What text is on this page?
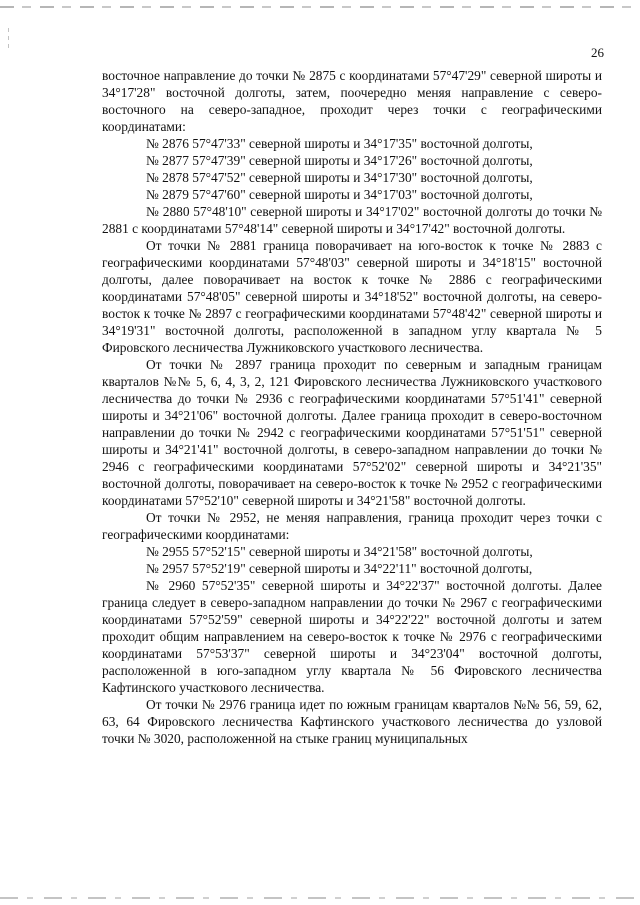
26

восточное направление до точки № 2875 с координатами 57°47'29" северной широты и 34°17'28" восточной долготы, затем, поочередно меняя направление с северо-восточного на северо-западное, проходит через точки с географическими координатами:

№ 2876 57°47'33" северной широты и 34°17'35" восточной долготы,

№ 2877 57°47'39" северной широты и 34°17'26" восточной долготы,

№ 2878 57°47'52" северной широты и 34°17'30" восточной долготы,

№ 2879 57°47'60" северной широты и 34°17'03" восточной долготы,

№ 2880 57°48'10" северной широты и 34°17'02" восточной долготы до точки № 2881 с координатами 57°48'14" северной широты и 34°17'42" восточной долготы.

От точки № 2881 граница поворачивает на юго-восток к точке № 2883 с географическими координатами 57°48'03" северной широты и 34°18'15" восточной долготы, далее поворачивает на восток к точке № 2886 с географическими координатами 57°48'05" северной широты и 34°18'52" восточной долготы, на северо-восток к точке № 2897 с географическими координатами 57°48'42" северной широты и 34°19'31" восточной долготы, расположенной в западном углу квартала № 5 Фировского лесничества Лужниковского участкового лесничества.

От точки № 2897 граница проходит по северным и западным границам кварталов №№ 5, 6, 4, 3, 2, 121 Фировского лесничества Лужниковского участкового лесничества до точки № 2936 с географическими координатами 57°51'41" северной широты и 34°21'06" восточной долготы. Далее граница проходит в северо-восточном направлении до точки № 2942 с географическими координатами 57°51'51" северной широты и 34°21'41" восточной долготы, в северо-западном направлении до точки № 2946 с географическими координатами 57°52'02" северной широты и 34°21'35" восточной долготы, поворачивает на северо-восток к точке № 2952 с географическими координатами 57°52'10" северной широты и 34°21'58" восточной долготы.

От точки № 2952, не меняя направления, граница проходит через точки с географическими координатами:

№ 2955 57°52'15" северной широты и 34°21'58" восточной долготы,

№ 2957 57°52'19" северной широты и 34°22'11" восточной долготы,

№ 2960 57°52'35" северной широты и 34°22'37" восточной долготы. Далее граница следует в северо-западном направлении до точки № 2967 с географическими координатами 57°52'59" северной широты и 34°22'22" восточной долготы и затем проходит общим направлением на северо-восток к точке № 2976 с географическими координатами 57°53'37" северной широты и 34°23'04" восточной долготы, расположенной в юго-западном углу квартала № 56 Фировского лесничества Кафтинского участкового лесничества.

От точки № 2976 граница идет по южным границам кварталов №№ 56, 59, 62, 63, 64 Фировского лесничества Кафтинского участкового лесничества до узловой точки № 3020, расположенной на стыке границ муниципальных
